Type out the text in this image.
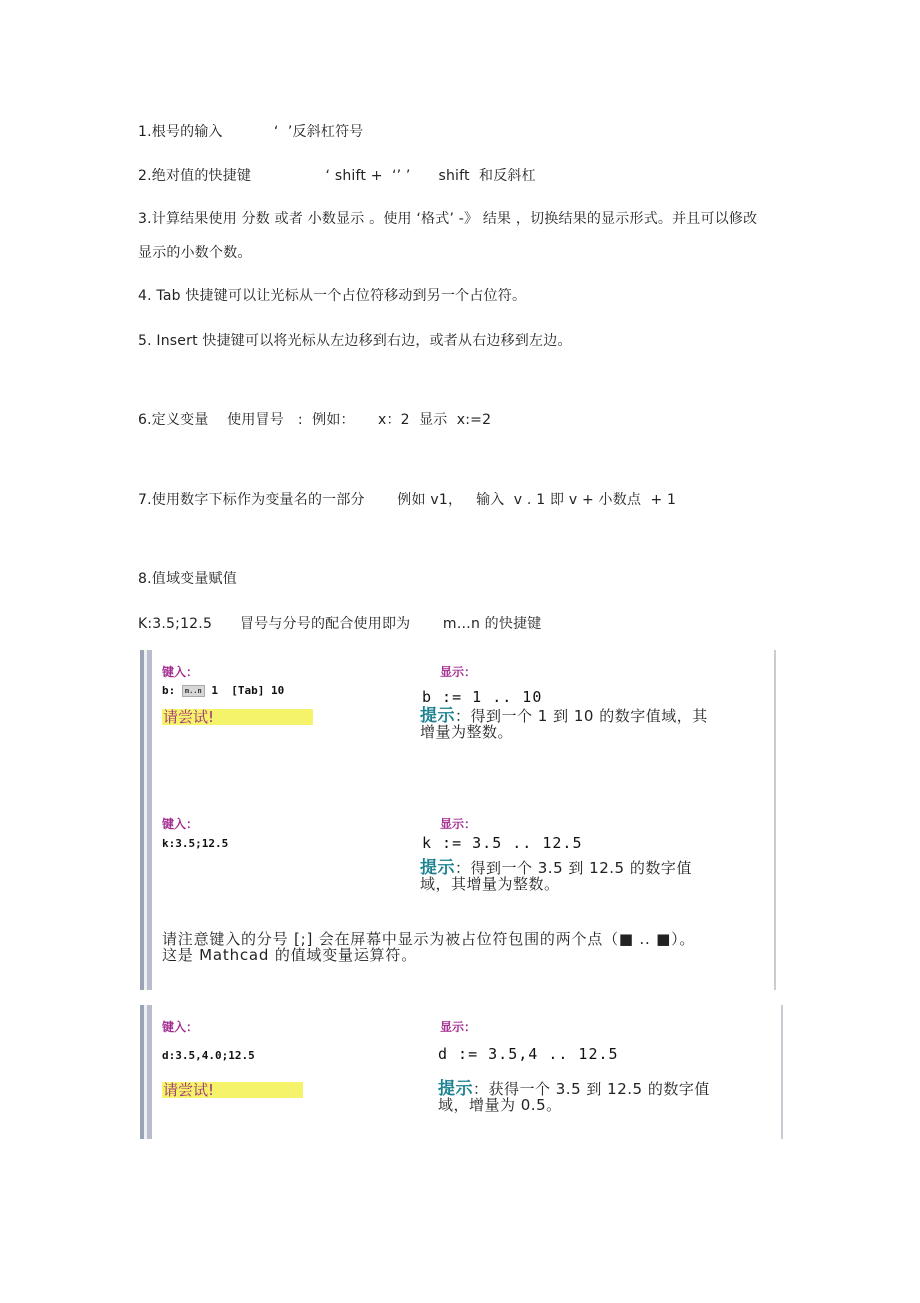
1.根号的输入           ‘  ’反斜杠符号
2.绝对值的快捷键                ‘ shift +  ‘’ ’      shift  和反斜杠
3.计算结果使用 分数 或者 小数显示 。使用 ‘格式’ -》 结果 ，切换结果的显示形式。并且可以修改显示的小数个数。
4. Tab 快捷键可以让光标从一个占位符移动到另一个占位符。
5. Insert 快捷键可以将光标从左边移到右边，或者从右边移到左边。
6.定义变量    使用冒号   :  例如：     x：2  显示  x:=2
7.使用数字下标作为变量名的一部分       例如 v1，   输入  v . 1 即 v + 小数点  + 1
8.值域变量赋值
K:3.5;12.5      冒号与分号的配合使用即为       m…n 的快捷键
键入：	显示：
b: m..n 1  [Tab] 10	b := 1 .. 10
请尝试!	提示：得到一个 1 到 10 的数字值域，其增量为整数。
键入：	显示：
k:3.5;12.5	k := 3.5 .. 12.5
提示：得到一个 3.5 到 12.5 的数字值域，其增量为整数。
请注意键入的分号 [;] 会在屏幕中显示为被占位符包围的两个点（■ .. ■）。这是 Mathcad 的值域变量运算符。
键入：	显示：
d:3.5,4.0;12.5	d := 3.5,4 .. 12.5
请尝试!	提示：获得一个 3.5 到 12.5 的数字值域，增量为 0.5。
